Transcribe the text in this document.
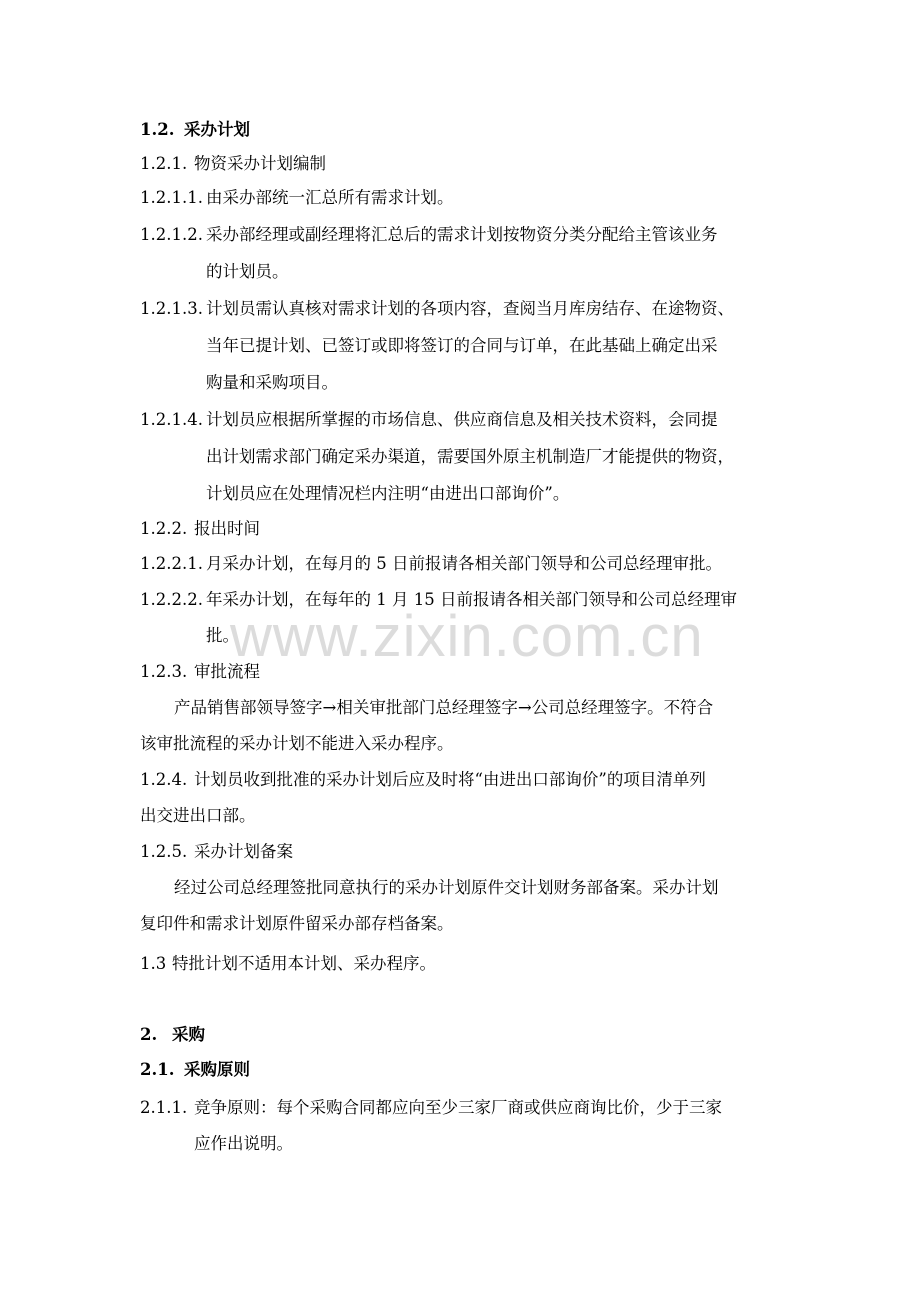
1.2. 采办计划
1.2.1. 物资采办计划编制
1.2.1.1. 由采办部统一汇总所有需求计划。
1.2.1.2. 采办部经理或副经理将汇总后的需求计划按物资分类分配给主管该业务
的计划员。
1.2.1.3. 计划员需认真核对需求计划的各项内容，查阅当月库房结存、在途物资、
当年已提计划、已签订或即将签订的合同与订单，在此基础上确定出采
购量和采购项目。
1.2.1.4. 计划员应根据所掌握的市场信息、供应商信息及相关技术资料，会同提
出计划需求部门确定采办渠道，需要国外原主机制造厂才能提供的物资，
计划员应在处理情况栏内注明“由进出口部询价”。
1.2.2. 报出时间
1.2.2.1. 月采办计划，在每月的 5 日前报请各相关部门领导和公司总经理审批。
1.2.2.2. 年采办计划，在每年的 1 月 15 日前报请各相关部门领导和公司总经理审
批。
1.2.3. 审批流程
产品销售部领导签字→相关审批部门总经理签字→公司总经理签字。不符合
该审批流程的采办计划不能进入采办程序。
1.2.4. 计划员收到批准的采办计划后应及时将“由进出口部询价”的项目清单列
出交进出口部。
1.2.5. 采办计划备案
经过公司总经理签批同意执行的采办计划原件交计划财务部备案。采办计划
复印件和需求计划原件留采办部存档备案。
1.3 特批计划不适用本计划、采办程序。
2. 采购
2.1. 采购原则
2.1.1. 竞争原则：每个采购合同都应向至少三家厂商或供应商询比价，少于三家
应作出说明。
www.zixin.com.cn
